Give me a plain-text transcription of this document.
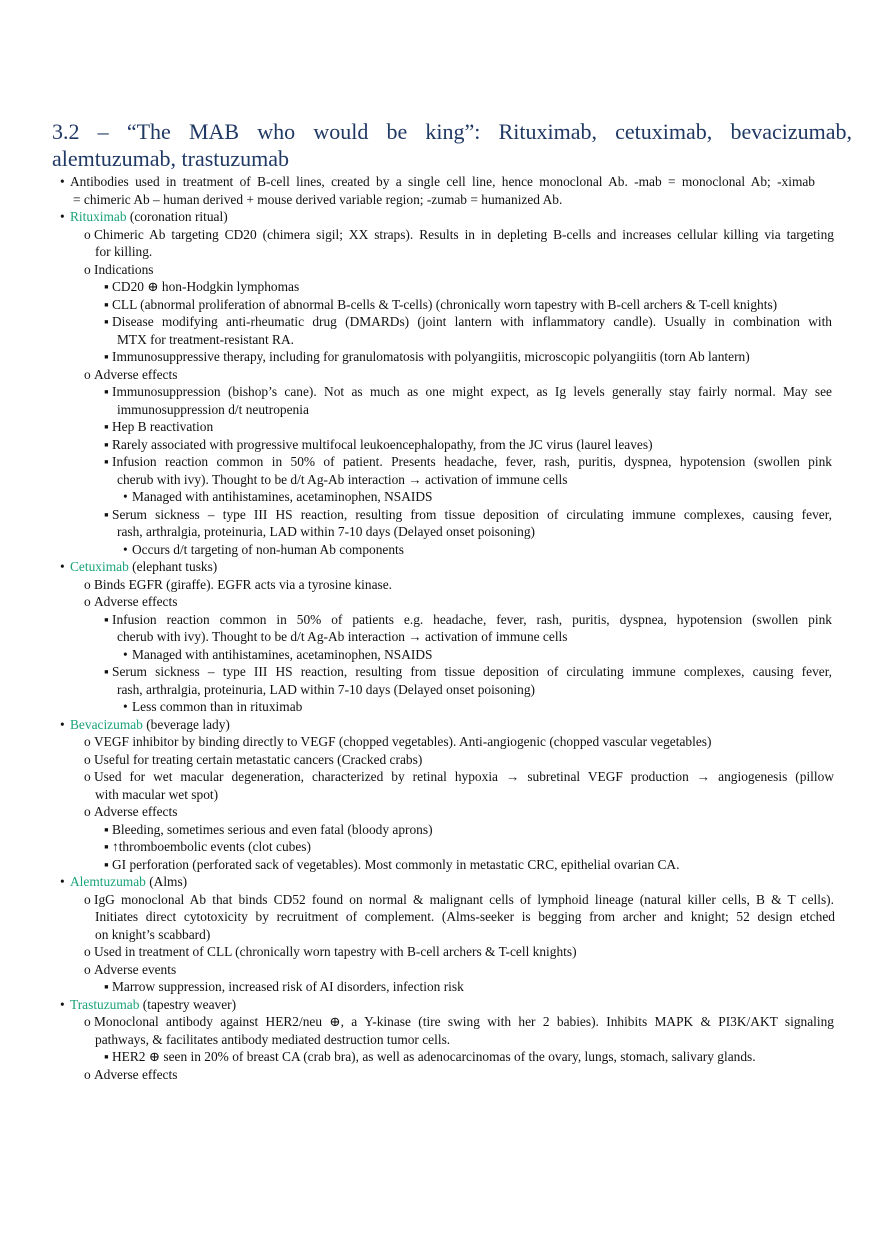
3.2 – “The MAB who would be king”: Rituximab, cetuximab, bevacizumab, alemtuzumab, trastuzumab
• Antibodies used in treatment of B-cell lines, created by a single cell line, hence monoclonal Ab. -mab = monoclonal Ab; -ximab
= chimeric Ab – human derived + mouse derived variable region; -zumab = humanized Ab.
• Rituximab (coronation ritual)
o Chimeric Ab targeting CD20 (chimera sigil; XX straps). Results in in depleting B-cells and increases cellular killing via targeting
for killing.
o Indications
▪ CD20 ⊕ hon-Hodgkin lymphomas
▪ CLL (abnormal proliferation of abnormal B-cells & T-cells) (chronically worn tapestry with B-cell archers & T-cell knights)
▪ Disease modifying anti-rheumatic drug (DMARDs) (joint lantern with inflammatory candle). Usually in combination with
MTX for treatment-resistant RA.
▪ Immunosuppressive therapy, including for granulomatosis with polyangiitis, microscopic polyangiitis (torn Ab lantern)
o Adverse effects
▪ Immunosuppression (bishop’s cane). Not as much as one might expect, as Ig levels generally stay fairly normal. May see
immunosuppression d/t neutropenia
▪ Hep B reactivation
▪ Rarely associated with progressive multifocal leukoencephalopathy, from the JC virus (laurel leaves)
▪ Infusion reaction common in 50% of patient. Presents headache, fever, rash, puritis, dyspnea, hypotension (swollen pink
cherub with ivy). Thought to be d/t Ag-Ab interaction → activation of immune cells
• Managed with antihistamines, acetaminophen, NSAIDS
▪ Serum sickness – type III HS reaction, resulting from tissue deposition of circulating immune complexes, causing fever,
rash, arthralgia, proteinuria, LAD within 7-10 days (Delayed onset poisoning)
• Occurs d/t targeting of non-human Ab components
• Cetuximab (elephant tusks)
o Binds EGFR (giraffe). EGFR acts via a tyrosine kinase.
o Adverse effects
▪ Infusion reaction common in 50% of patients e.g. headache, fever, rash, puritis, dyspnea, hypotension (swollen pink
cherub with ivy). Thought to be d/t Ag-Ab interaction → activation of immune cells
• Managed with antihistamines, acetaminophen, NSAIDS
▪ Serum sickness – type III HS reaction, resulting from tissue deposition of circulating immune complexes, causing fever,
rash, arthralgia, proteinuria, LAD within 7-10 days (Delayed onset poisoning)
• Less common than in rituximab
• Bevacizumab (beverage lady)
o VEGF inhibitor by binding directly to VEGF (chopped vegetables). Anti-angiogenic (chopped vascular vegetables)
o Useful for treating certain metastatic cancers (Cracked crabs)
o Used for wet macular degeneration, characterized by retinal hypoxia → subretinal VEGF production → angiogenesis (pillow
with macular wet spot)
o Adverse effects
▪ Bleeding, sometimes serious and even fatal (bloody aprons)
▪ ↑thromboembolic events (clot cubes)
▪ GI perforation (perforated sack of vegetables). Most commonly in metastatic CRC, epithelial ovarian CA.
• Alemtuzumab (Alms)
o IgG monoclonal Ab that binds CD52 found on normal & malignant cells of lymphoid lineage (natural killer cells, B & T cells).
Initiates direct cytotoxicity by recruitment of complement. (Alms-seeker is begging from archer and knight; 52 design etched
on knight’s scabbard)
o Used in treatment of CLL (chronically worn tapestry with B-cell archers & T-cell knights)
o Adverse events
▪ Marrow suppression, increased risk of AI disorders, infection risk
• Trastuzumab (tapestry weaver)
o Monoclonal antibody against HER2/neu ⊕, a Y-kinase (tire swing with her 2 babies). Inhibits MAPK & PI3K/AKT signaling
pathways, & facilitates antibody mediated destruction tumor cells.
▪ HER2 ⊕ seen in 20% of breast CA (crab bra), as well as adenocarcinomas of the ovary, lungs, stomach, salivary glands.
o Adverse effects
